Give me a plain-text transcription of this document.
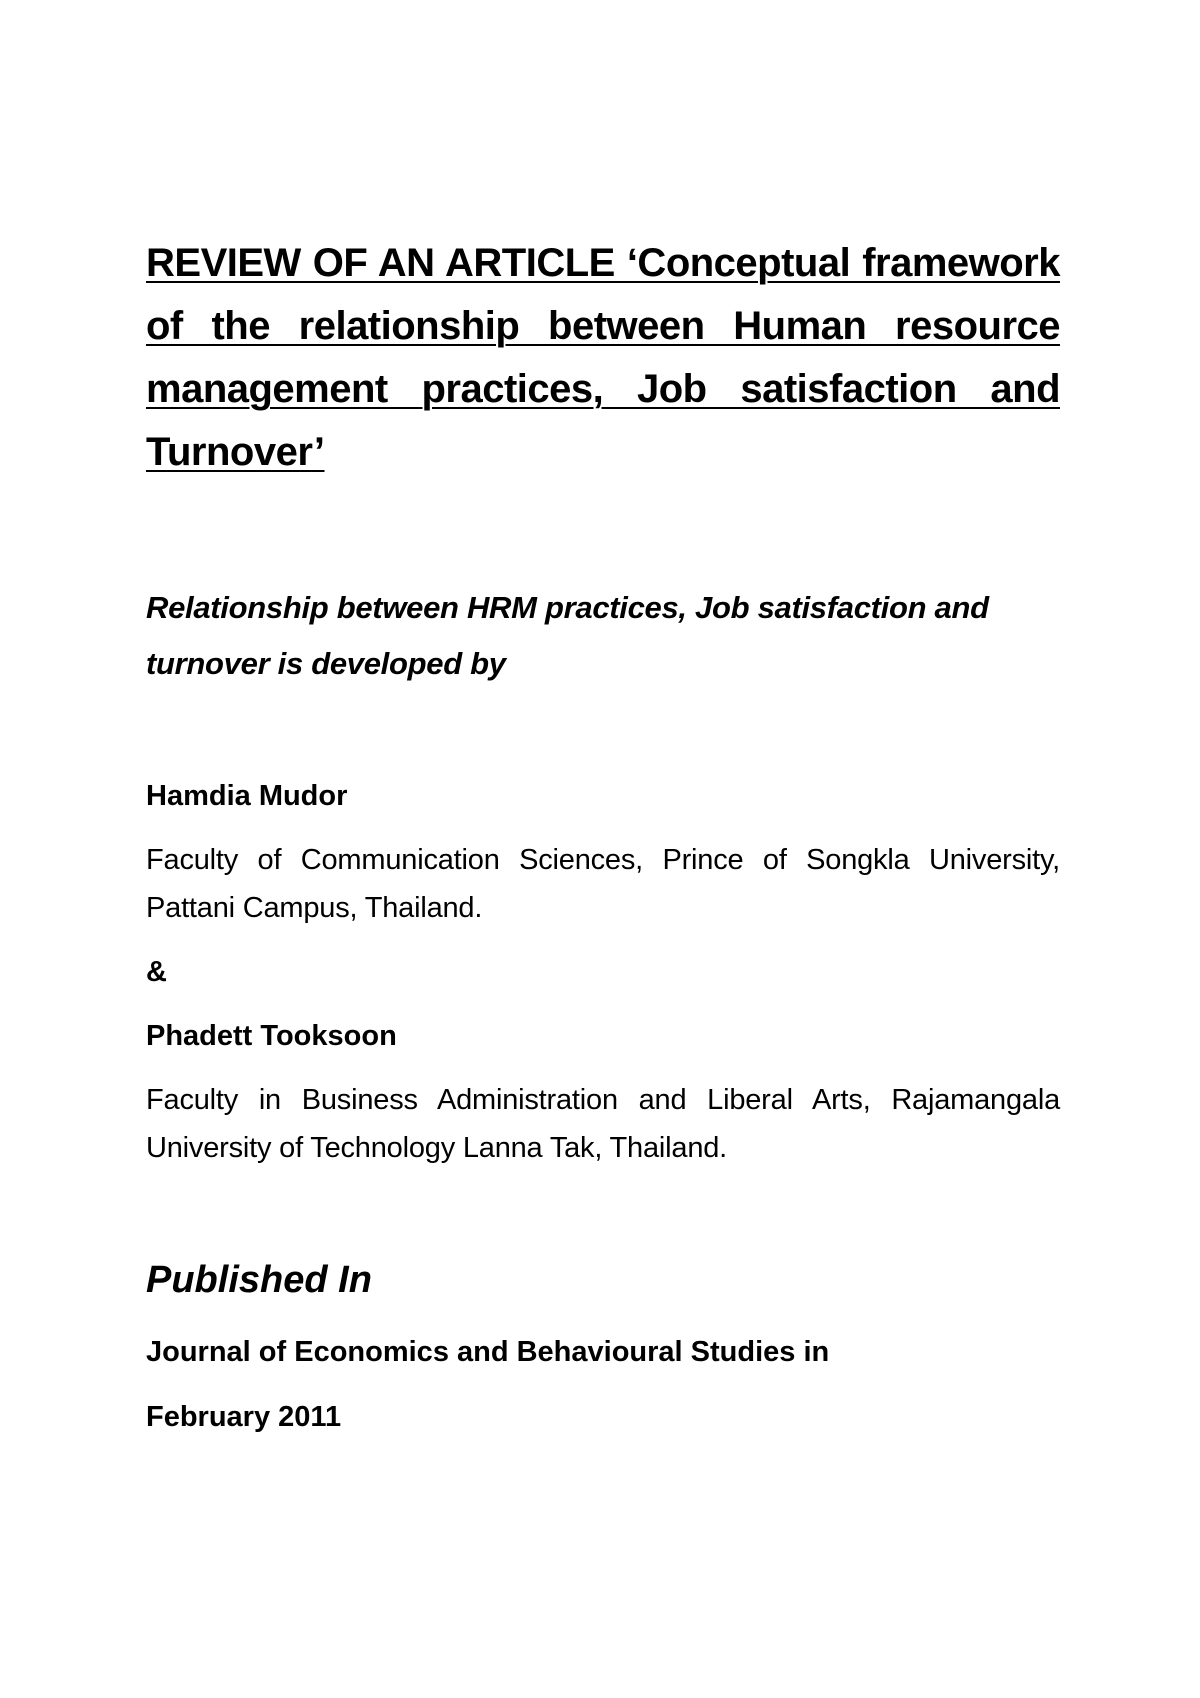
REVIEW OF AN ARTICLE ‘Conceptual framework of the relationship between Human resource management practices, Job satisfaction and Turnover’
Relationship between HRM practices, Job satisfaction and turnover is developed by
Hamdia Mudor
Faculty of Communication Sciences, Prince of Songkla University, Pattani Campus, Thailand.
&
Phadett Tooksoon
Faculty in Business Administration and Liberal Arts, Rajamangala University of Technology Lanna Tak, Thailand.
Published In
Journal of Economics and Behavioural Studies in
February 2011
